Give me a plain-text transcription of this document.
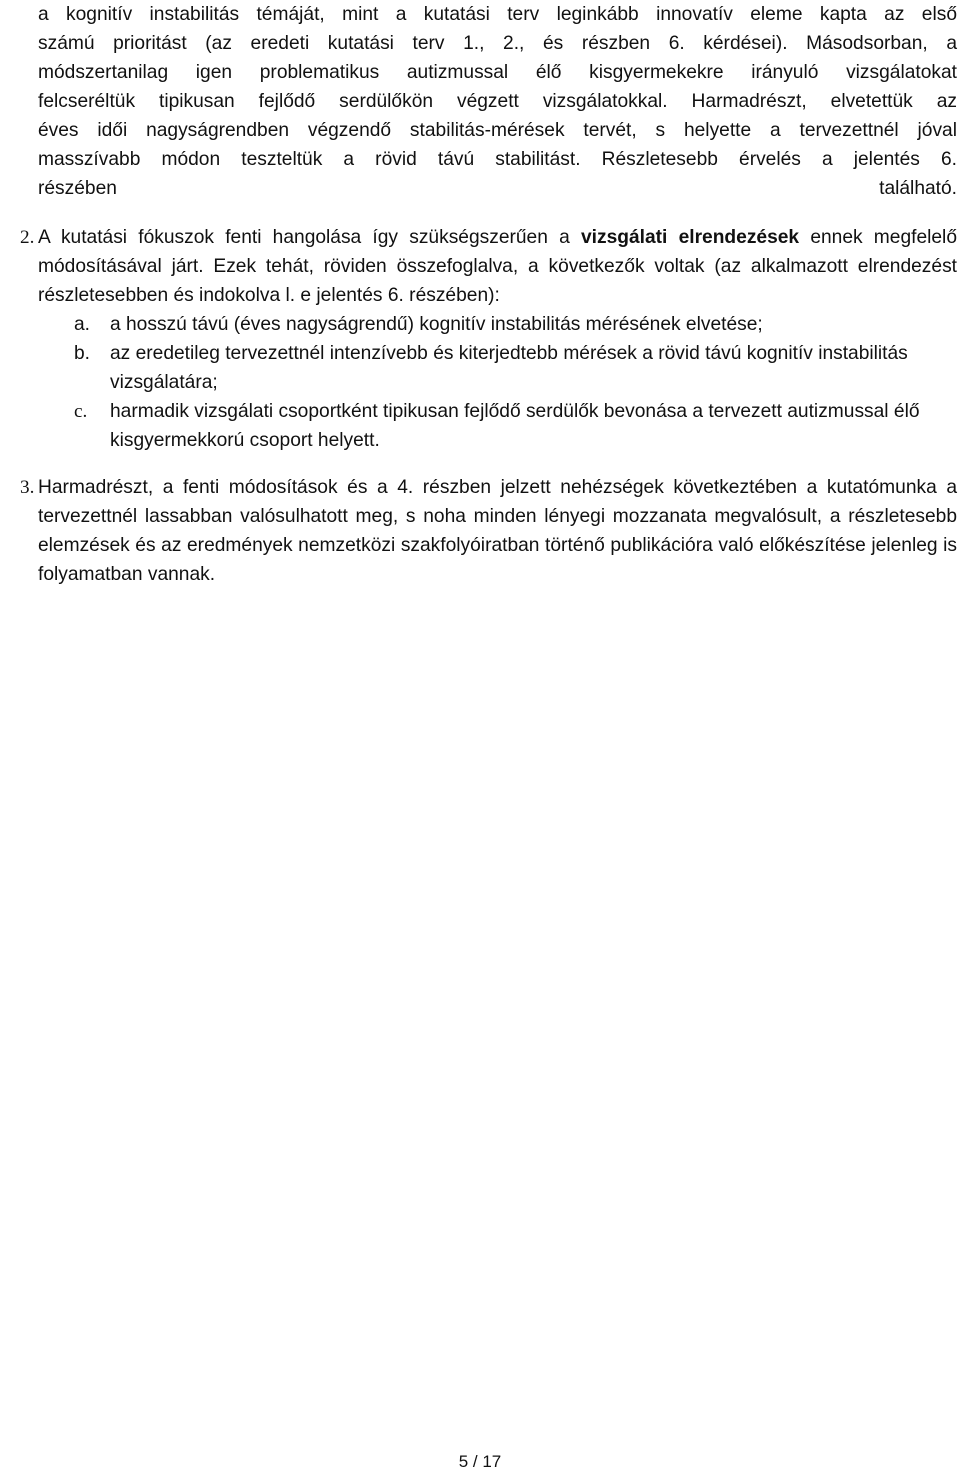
a kognitív instabilitás témáját, mint a kutatási terv leginkább innovatív eleme kapta az első
számú prioritást (az eredeti kutatási terv 1., 2., és részben 6. kérdései). Másodsorban, a
módszertanilag igen problematikus autizmussal élő kisgyermekekre irányuló vizsgálatokat
felcseréltük tipikusan fejlődő serdülőkön végzett vizsgálatokkal. Harmadrészt, elvetettük az
éves idői nagyságrendben végzendő stabilitás-mérések tervét, s helyette a tervezettnél jóval
masszívabb módon teszteltük a rövid távú stabilitást. Részletesebb érvelés a jelentés 6.
részében található.
2. A kutatási fókuszok fenti hangolása így szükségszerűen a vizsgálati elrendezések ennek megfelelő módosításával járt. Ezek tehát, röviden összefoglalva, a következők voltak (az alkalmazott elrendezést részletesebben és indokolva l. e jelentés 6. részében):

a. a hosszú távú (éves nagyságrendű) kognitív instabilitás mérésének elvetése;
b. az eredetileg tervezettnél intenzívebb és kiterjedtebb mérések a rövid távú kognitív instabilitás vizsgálatára;
c. harmadik vizsgálati csoportként tipikusan fejlődő serdülők bevonása a tervezett autizmussal élő kisgyermekkorú csoport helyett.
3. Harmadrészt, a fenti módosítások és a 4. részben jelzett nehézségek következtében a kutatómunka a tervezettnél lassabban valósulhatott meg, s noha minden lényegi mozzanata megvalósult, a részletesebb elemzések és az eredmények nemzetközi szakfolyóiratban történő publikációra való előkészítése jelenleg is folyamatban vannak.

5 / 17
